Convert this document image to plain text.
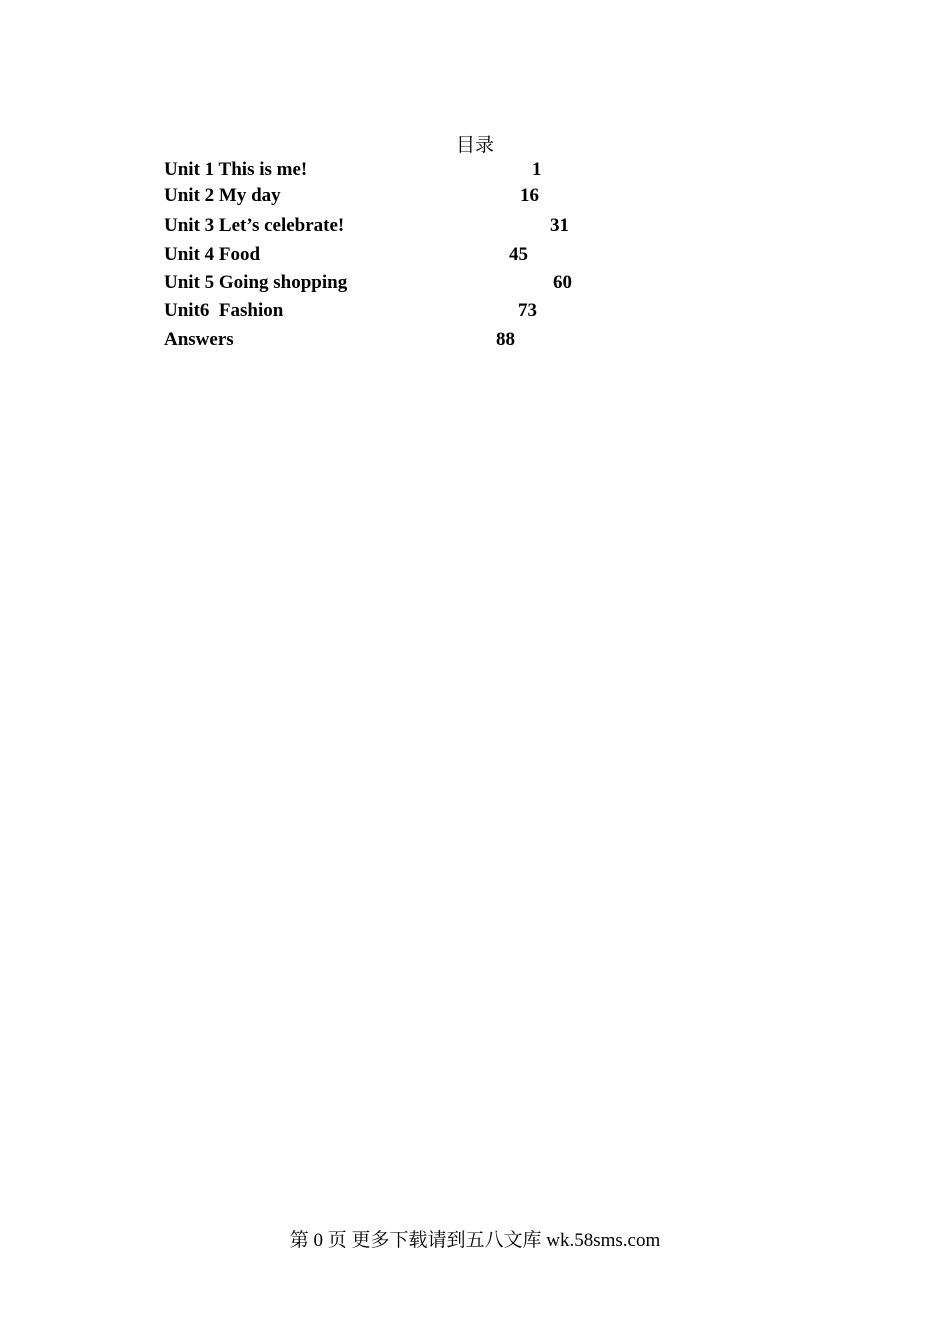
目录
Unit 1 This is me!	1
Unit 2 My day	16
Unit 3 Let’s celebrate!	31
Unit 4 Food	45
Unit 5 Going shopping	60
Unit6  Fashion	73
Answers	88
第 0 页 更多下载请到五八文库 wk.58sms.com
